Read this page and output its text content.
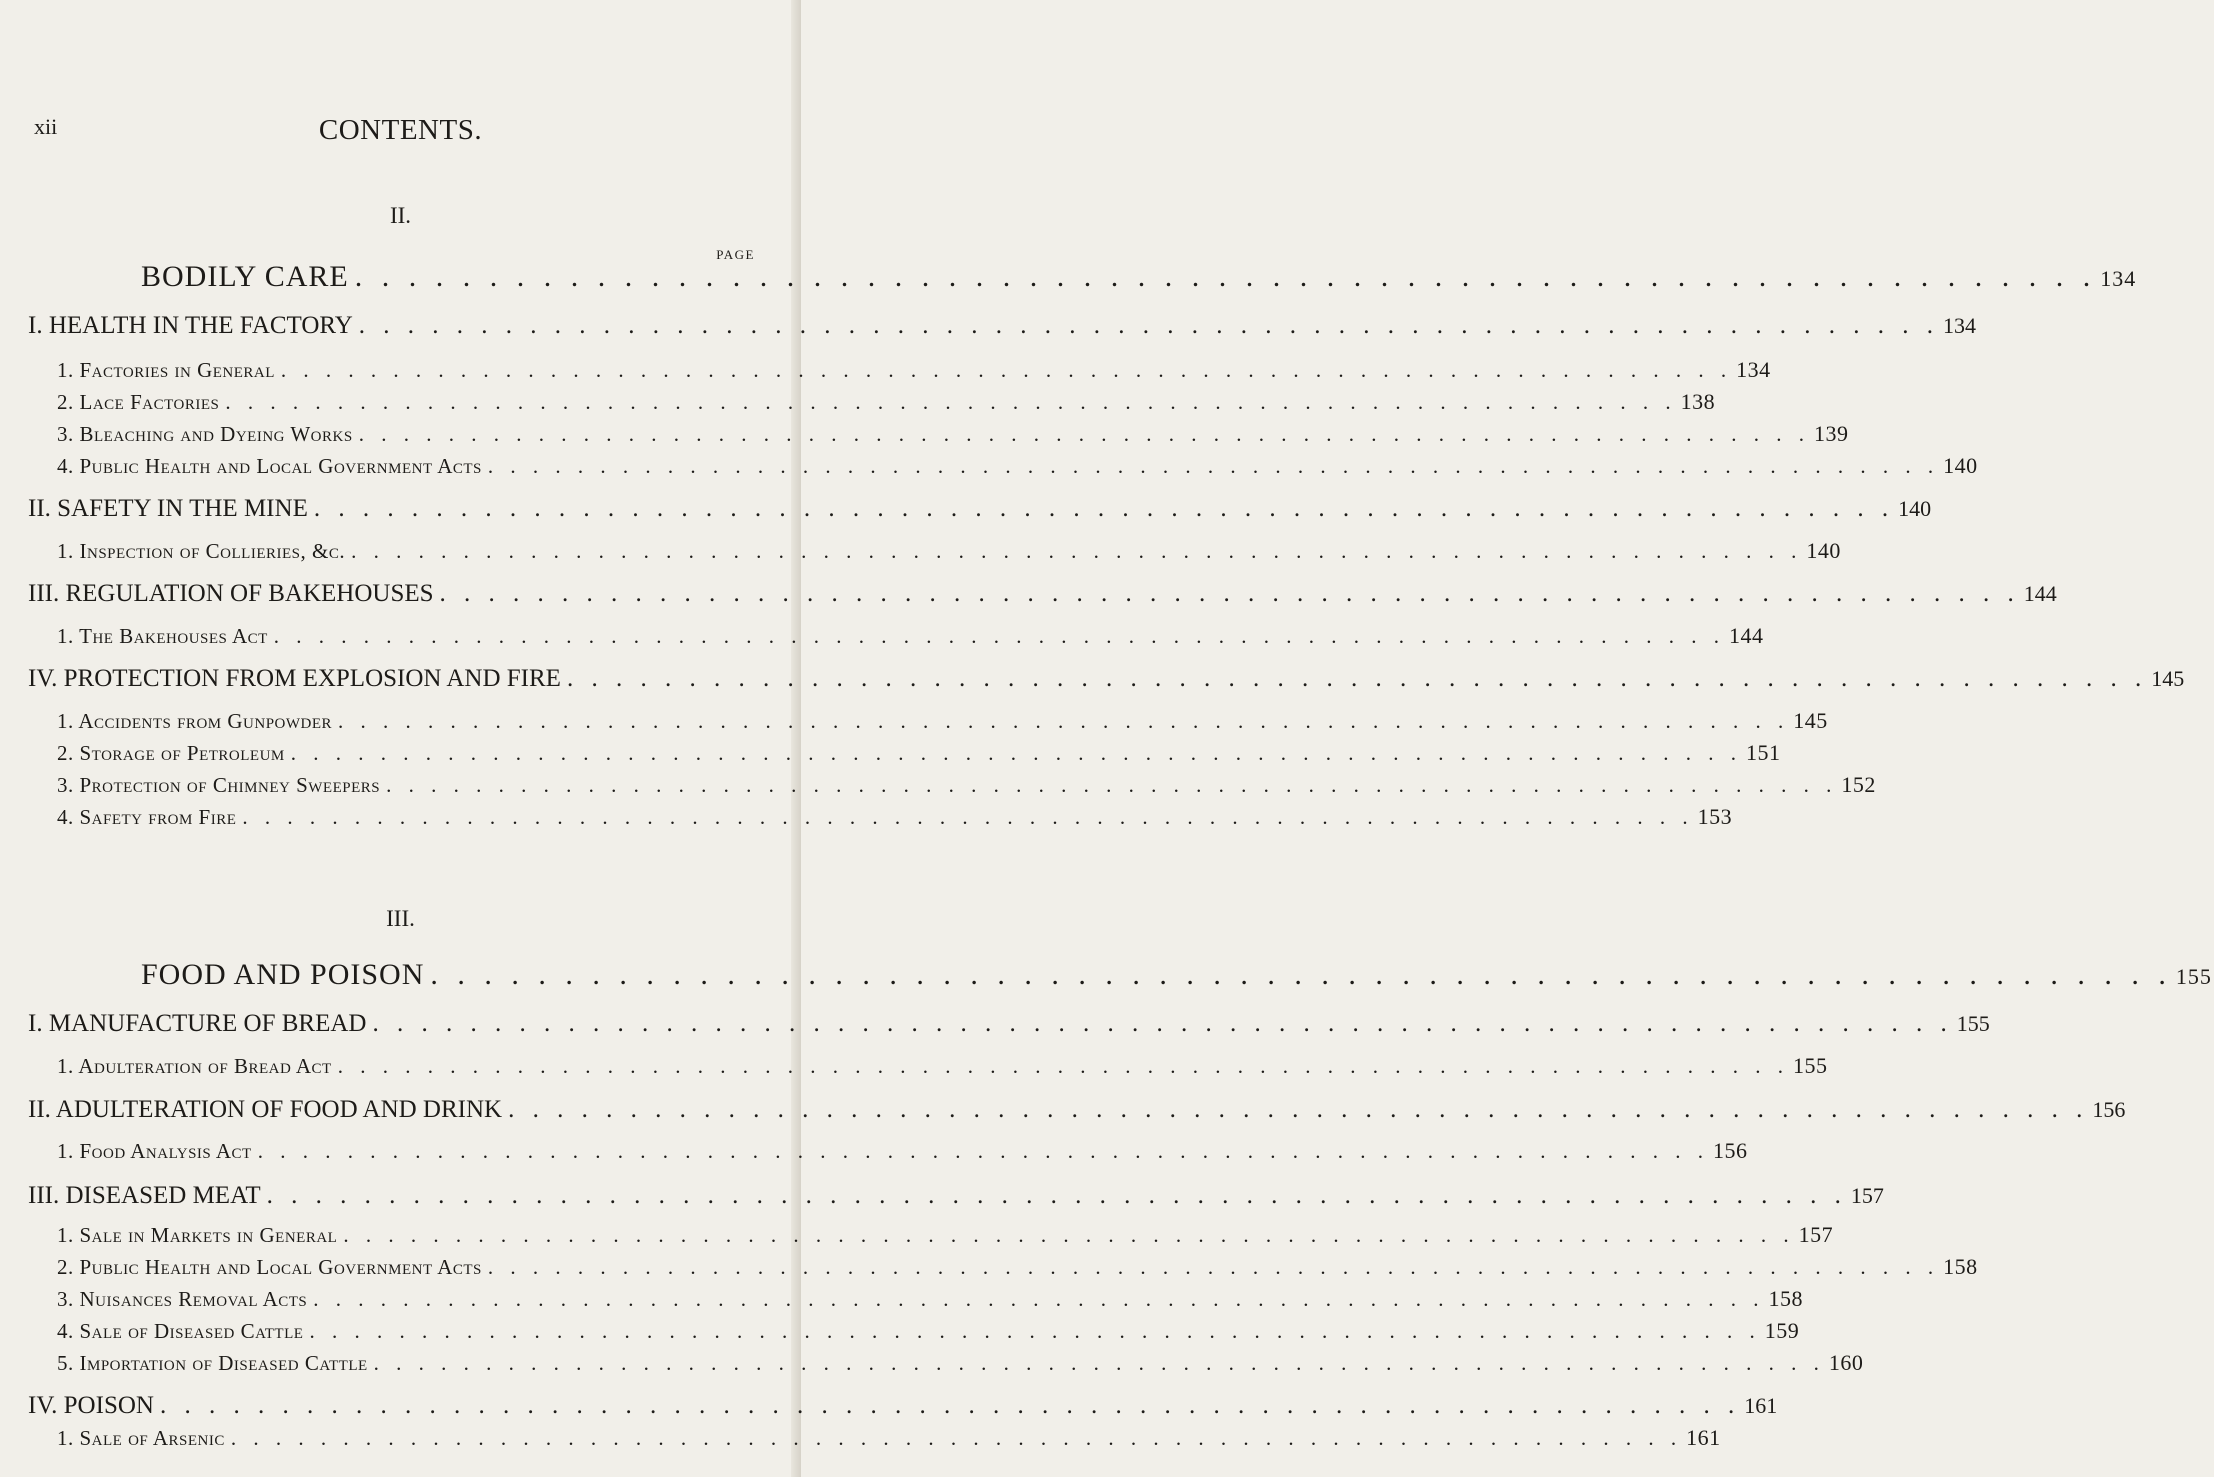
xii	CONTENTS.
II.
PAGE
BODILY CARE . . . . . . . . . . . . . . . . . . . . . . . . . . . . . . . . . . . . . . . . . . . . . . . . . . . . . . . . . . . . . . . . . 134
I. HEALTH IN THE FACTORY . . . . . . . . . . . . . . . . . . . . . . . . . . . . . . . . . . . . . . . . . . . . . . . . . . . . . . . . . . . . . . . . . 134
1. Factories in General . . . . . . . . . . . . . . . . . . . . . . . . . . . . . . . . . . . . . . . . . . . . . . . . . . . . . . . . . . . . . . . . . 134
2. Lace Factories . . . . . . . . . . . . . . . . . . . . . . . . . . . . . . . . . . . . . . . . . . . . . . . . . . . . . . . . . . . . . . . . . 138
3. Bleaching and Dyeing Works . . . . . . . . . . . . . . . . . . . . . . . . . . . . . . . . . . . . . . . . . . . . . . . . . . . . . . . . . . . . . . . . . 139
4. Public Health and Local Government Acts . . . . . . . . . . . . . . . . . . . . . . . . . . . . . . . . . . . . . . . . . . . . . . . . . . . . . . . . . . . . . . . . . 140
II. SAFETY IN THE MINE . . . . . . . . . . . . . . . . . . . . . . . . . . . . . . . . . . . . . . . . . . . . . . . . . . . . . . . . . . . . . . . . . 140
1. Inspection of Collieries, &c. . . . . . . . . . . . . . . . . . . . . . . . . . . . . . . . . . . . . . . . . . . . . . . . . . . . . . . . . . . . . . . . . . 140
III. REGULATION OF BAKEHOUSES . . . . . . . . . . . . . . . . . . . . . . . . . . . . . . . . . . . . . . . . . . . . . . . . . . . . . . . . . . . . . . . . . 144
1. The Bakehouses Act . . . . . . . . . . . . . . . . . . . . . . . . . . . . . . . . . . . . . . . . . . . . . . . . . . . . . . . . . . . . . . . . . 144
IV. PROTECTION FROM EXPLOSION AND FIRE . . . . . . . . . . . . . . . . . . . . . . . . . . . . . . . . . . . . . . . . . . . . . . . . . . . . . . . . . . . . . . . . . 145
1. Accidents from Gunpowder . . . . . . . . . . . . . . . . . . . . . . . . . . . . . . . . . . . . . . . . . . . . . . . . . . . . . . . . . . . . . . . . . 145
2. Storage of Petroleum . . . . . . . . . . . . . . . . . . . . . . . . . . . . . . . . . . . . . . . . . . . . . . . . . . . . . . . . . . . . . . . . . 151
3. Protection of Chimney Sweepers . . . . . . . . . . . . . . . . . . . . . . . . . . . . . . . . . . . . . . . . . . . . . . . . . . . . . . . . . . . . . . . . . 152
4. Safety from Fire . . . . . . . . . . . . . . . . . . . . . . . . . . . . . . . . . . . . . . . . . . . . . . . . . . . . . . . . . . . . . . . . . 153
III.
FOOD AND POISON . . . . . . . . . . . . . . . . . . . . . . . . . . . . . . . . . . . . . . . . . . . . . . . . . . . . . . . . . . . . . . . . . 155
I. MANUFACTURE OF BREAD . . . . . . . . . . . . . . . . . . . . . . . . . . . . . . . . . . . . . . . . . . . . . . . . . . . . . . . . . . . . . . . . . 155
1. Adulteration of Bread Act . . . . . . . . . . . . . . . . . . . . . . . . . . . . . . . . . . . . . . . . . . . . . . . . . . . . . . . . . . . . . . . . . 155
II. ADULTERATION OF FOOD AND DRINK . . . . . . . . . . . . . . . . . . . . . . . . . . . . . . . . . . . . . . . . . . . . . . . . . . . . . . . . . . . . . . . . . 156
1. Food Analysis Act . . . . . . . . . . . . . . . . . . . . . . . . . . . . . . . . . . . . . . . . . . . . . . . . . . . . . . . . . . . . . . . . . 156
III. DISEASED MEAT . . . . . . . . . . . . . . . . . . . . . . . . . . . . . . . . . . . . . . . . . . . . . . . . . . . . . . . . . . . . . . . . . 157
1. Sale in Markets in General . . . . . . . . . . . . . . . . . . . . . . . . . . . . . . . . . . . . . . . . . . . . . . . . . . . . . . . . . . . . . . . . . 157
2. Public Health and Local Government Acts . . . . . . . . . . . . . . . . . . . . . . . . . . . . . . . . . . . . . . . . . . . . . . . . . . . . . . . . . . . . . . . . . 158
3. Nuisances Removal Acts . . . . . . . . . . . . . . . . . . . . . . . . . . . . . . . . . . . . . . . . . . . . . . . . . . . . . . . . . . . . . . . . . 158
4. Sale of Diseased Cattle . . . . . . . . . . . . . . . . . . . . . . . . . . . . . . . . . . . . . . . . . . . . . . . . . . . . . . . . . . . . . . . . . 159
5. Importation of Diseased Cattle . . . . . . . . . . . . . . . . . . . . . . . . . . . . . . . . . . . . . . . . . . . . . . . . . . . . . . . . . . . . . . . . . 160
IV. POISON . . . . . . . . . . . . . . . . . . . . . . . . . . . . . . . . . . . . . . . . . . . . . . . . . . . . . . . . . . . . . . . . . 161
1. Sale of Arsenic . . . . . . . . . . . . . . . . . . . . . . . . . . . . . . . . . . . . . . . . . . . . . . . . . . . . . . . . . . . . . . . . . 161
